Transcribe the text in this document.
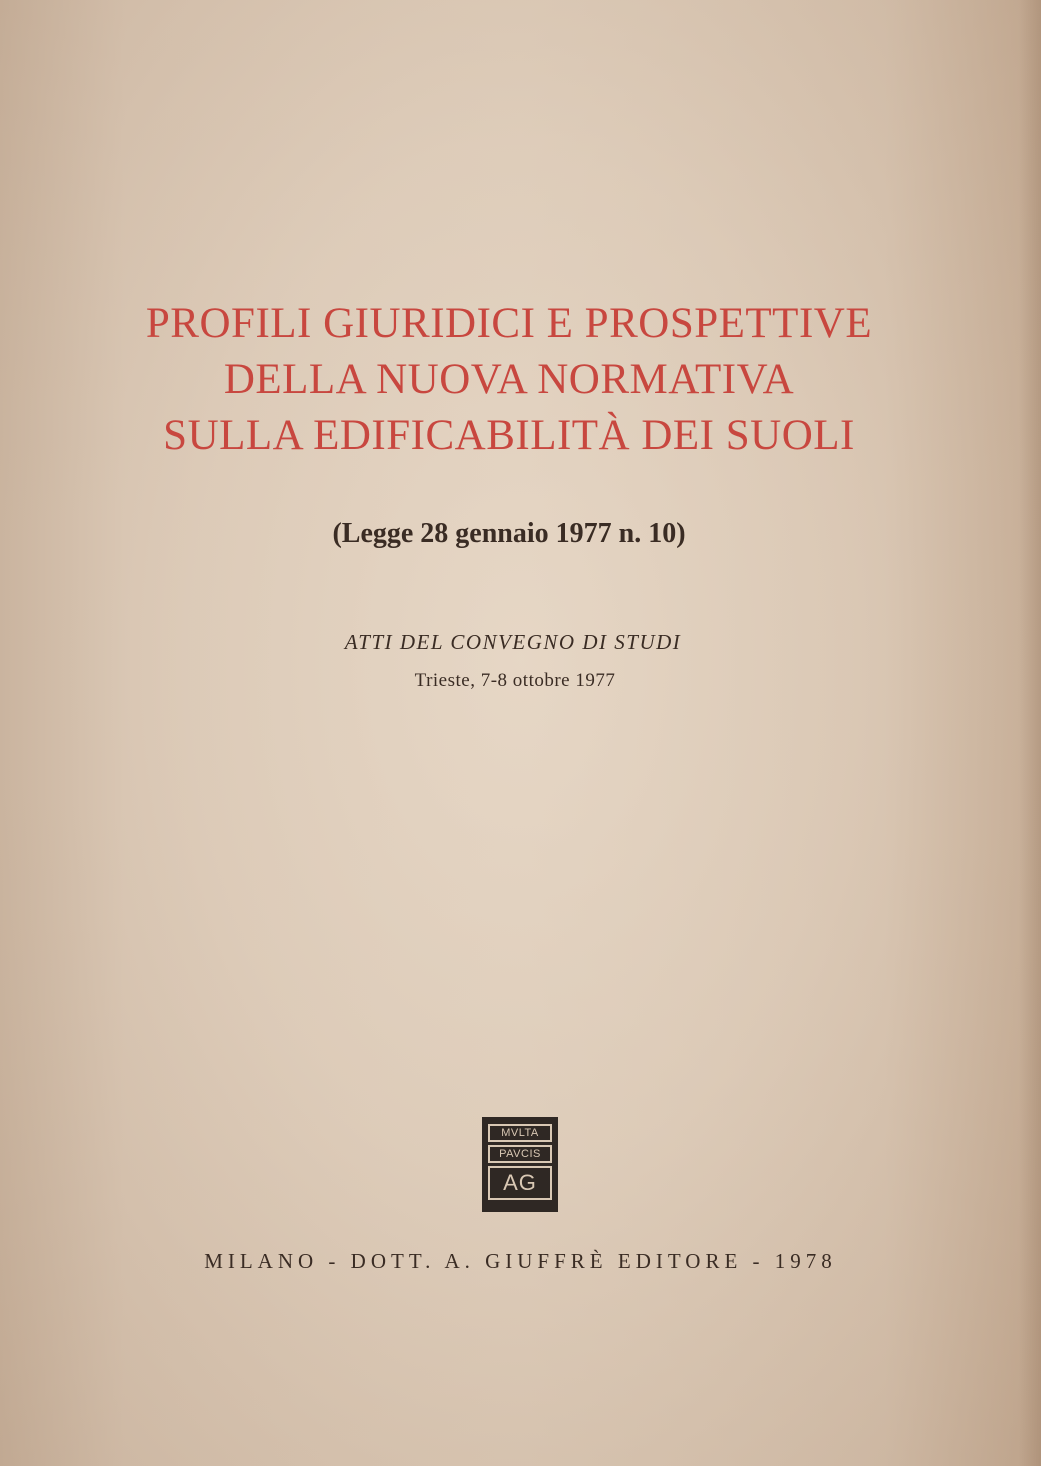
PROFILI GIURIDICI E PROSPETTIVE
DELLA NUOVA NORMATIVA
SULLA EDIFICABILITÀ DEI SUOLI
(Legge 28 gennaio 1977 n. 10)
ATTI DEL CONVEGNO DI STUDI
Trieste, 7-8 ottobre 1977
MVLTA
PAVCIS
AG
MILANO - DOTT. A. GIUFFRÈ EDITORE - 1978
